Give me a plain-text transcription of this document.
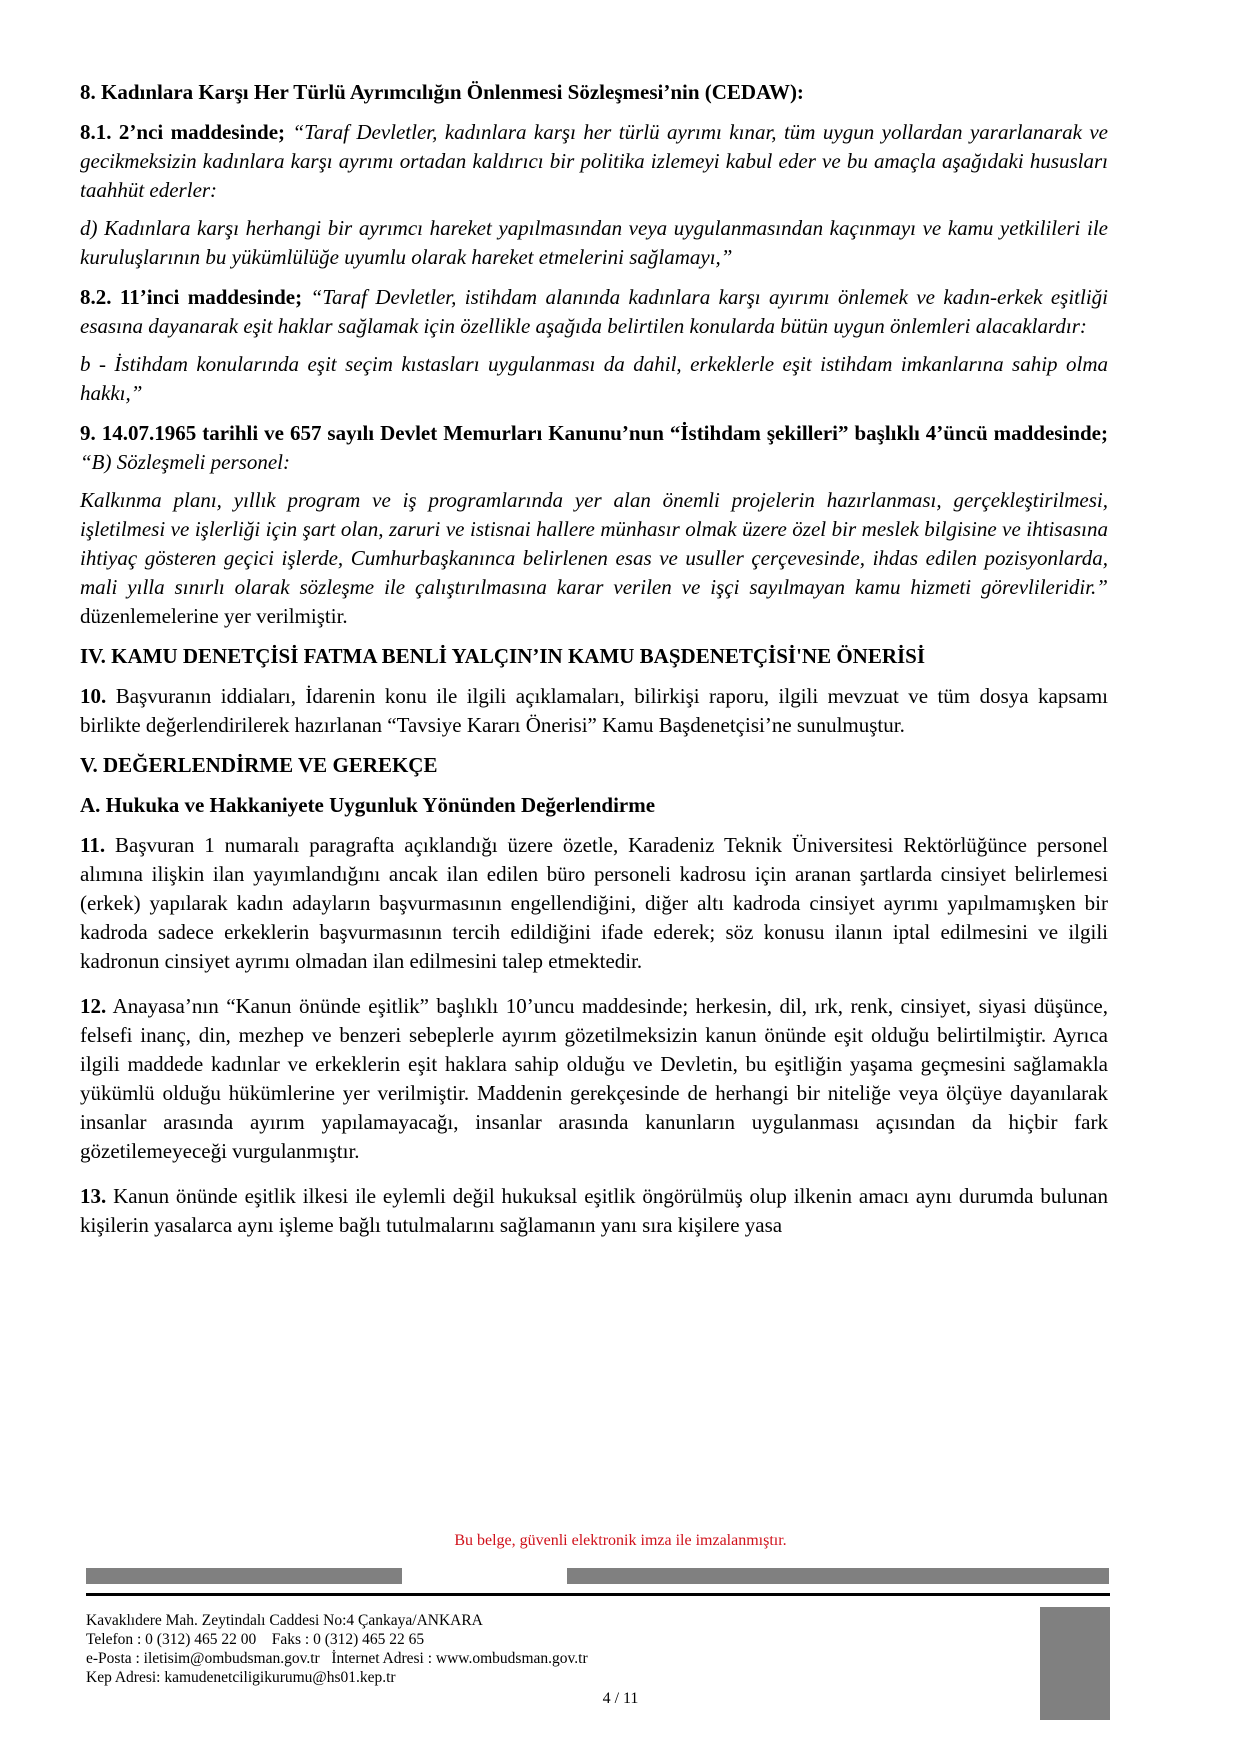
8. Kadınlara Karşı Her Türlü Ayrımcılığın Önlenmesi Sözleşmesi’nin (CEDAW):

8.1. 2’nci maddesinde; “Taraf Devletler, kadınlara karşı her türlü ayrımı kınar, tüm uygun yollardan yararlanarak ve gecikmeksizin kadınlara karşı ayrımı ortadan kaldırıcı bir politika izlemeyi kabul eder ve bu amaçla aşağıdaki hususları taahhüt ederler:

d) Kadınlara karşı herhangi bir ayrımcı hareket yapılmasından veya uygulanmasından kaçınmayı ve kamu yetkilileri ile kuruluşlarının bu yükümlülüğe uyumlu olarak hareket etmelerini sağlamayı,”

8.2. 11’inci maddesinde; “Taraf Devletler, istihdam alanında kadınlara karşı ayırımı önlemek ve kadın-erkek eşitliği esasına dayanarak eşit haklar sağlamak için özellikle aşağıda belirtilen konularda bütün uygun önlemleri alacaklardır:

b - İstihdam konularında eşit seçim kıstasları uygulanması da dahil, erkeklerle eşit istihdam imkanlarına sahip olma hakkı,”

9. 14.07.1965 tarihli ve 657 sayılı Devlet Memurları Kanunu’nun “İstihdam şekilleri” başlıklı 4’üncü maddesinde; “B) Sözleşmeli personel:

Kalkınma planı, yıllık program ve iş programlarında yer alan önemli projelerin hazırlanması, gerçekleştirilmesi, işletilmesi ve işlerliği için şart olan, zaruri ve istisnai hallere münhasır olmak üzere özel bir meslek bilgisine ve ihtisasına ihtiyaç gösteren geçici işlerde, Cumhurbaşkanınca belirlenen esas ve usuller çerçevesinde, ihdas edilen pozisyonlarda, mali yılla sınırlı olarak sözleşme ile çalıştırılmasına karar verilen ve işçi sayılmayan kamu hizmeti görevlileridir.” düzenlemelerine yer verilmiştir.

IV. KAMU DENETÇİSİ FATMA BENLİ YALÇIN’IN KAMU BAŞDENETÇİSİ'NE ÖNERİSİ

10. Başvuranın iddiaları, İdarenin konu ile ilgili açıklamaları, bilirkişi raporu, ilgili mevzuat ve tüm dosya kapsamı birlikte değerlendirilerek hazırlanan “Tavsiye Kararı Önerisi” Kamu Başdenetçisi’ne sunulmuştur.

V. DEĞERLENDİRME VE GEREKÇE

A. Hukuka ve Hakkaniyete Uygunluk Yönünden Değerlendirme

11. Başvuran 1 numaralı paragrafta açıklandığı üzere özetle, Karadeniz Teknik Üniversitesi Rektörlüğünce personel alımına ilişkin ilan yayımlandığını ancak ilan edilen büro personeli kadrosu için aranan şartlarda cinsiyet belirlemesi (erkek) yapılarak kadın adayların başvurmasının engellendiğini, diğer altı kadroda cinsiyet ayrımı yapılmamışken bir kadroda sadece erkeklerin başvurmasının tercih edildiğini ifade ederek; söz konusu ilanın iptal edilmesini ve ilgili kadronun cinsiyet ayrımı olmadan ilan edilmesini talep etmektedir.

12. Anayasa’nın “Kanun önünde eşitlik” başlıklı 10’uncu maddesinde; herkesin, dil, ırk, renk, cinsiyet, siyasi düşünce, felsefi inanç, din, mezhep ve benzeri sebeplerle ayırım gözetilmeksizin kanun önünde eşit olduğu belirtilmiştir. Ayrıca ilgili maddede kadınlar ve erkeklerin eşit haklara sahip olduğu ve Devletin, bu eşitliğin yaşama geçmesini sağlamakla yükümlü olduğu hükümlerine yer verilmiştir. Maddenin gerekçesinde de herhangi bir niteliğe veya ölçüye dayanılarak insanlar arasında ayırım yapılamayacağı, insanlar arasında kanunların uygulanması açısından da hiçbir fark gözetilemeyeceği vurgulanmıştır.

13. Kanun önünde eşitlik ilkesi ile eylemli değil hukuksal eşitlik öngörülmüş olup ilkenin amacı aynı durumda bulunan kişilerin yasalarca aynı işleme bağlı tutulmalarını sağlamanın yanı sıra kişilere yasa

Bu belge, güvenli elektronik imza ile imzalanmıştır.
Kavaklıdere Mah. Zeytindalı Caddesi No:4 Çankaya/ANKARA
Telefon : 0 (312) 465 22 00    Faks : 0 (312) 465 22 65
e-Posta : iletisim@ombudsman.gov.tr   İnternet Adresi : www.ombudsman.gov.tr
Kep Adresi: kamudenetciligikurumu@hs01.kep.tr
4 / 11
